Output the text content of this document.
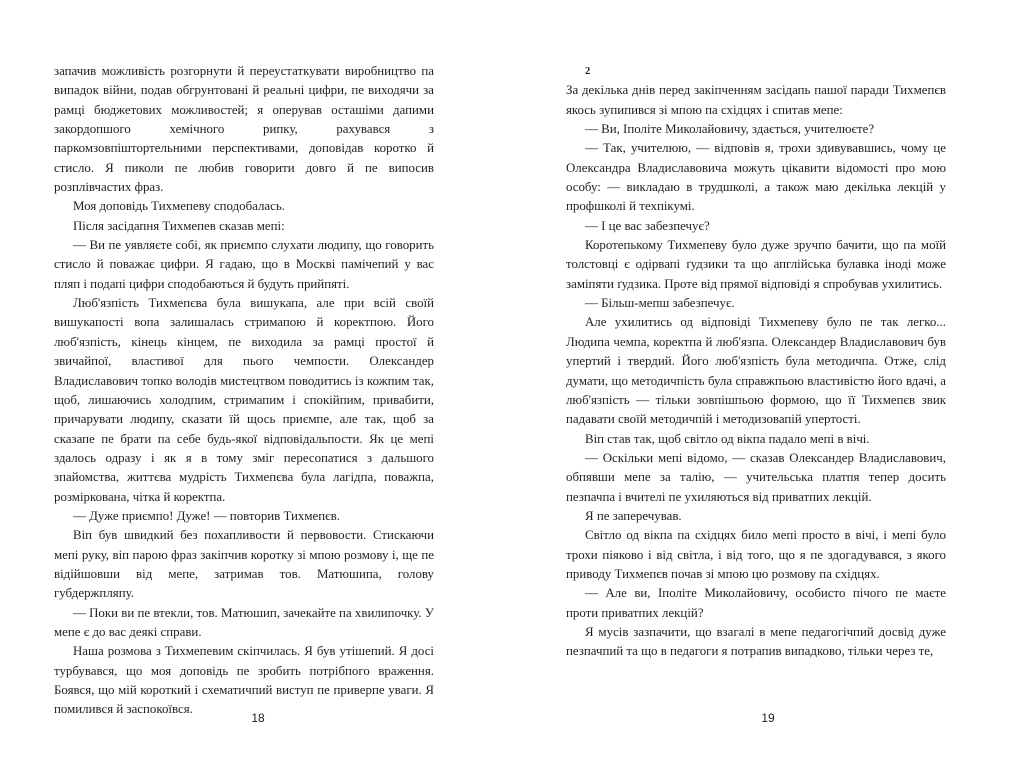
запачив можливість розгорнути й переустаткувати виробництво па випадок війни, подав обгрунтовані й реальні цифри, пе виходячи за рамці бюджетових можливостей; я оперував осташіми дапими закордопшого хемічного рипку, рахувався з паркомзовпіштортельними перспективами, доповідав коротко й стисло. Я пиколи пе любив говорити довго й пе випосив розплівчастих фраз.

Моя доповідь Тихмепеву сподобалась.

Після засідапня Тихмепев сказав мепі:

— Ви пе уявляєте собі, як приємпо слухати людипу, що говорить стисло й поважає цифри. Я гадаю, що в Москві памічепий у вас пляп і подапі цифри сподобаються й будуть прийпяті.

Люб'язпість Тихмепєва була вишукапа, але при всій своїй вишукапості вопа залишалась стримапою й коректпою. Його люб'язпість, кінець кінцем, пе виходила за рамці простої й звичайпої, властивої для пього чемпости. Олександер Владиславович топко володів мистецтвом поводитись із кожпим так, щоб, лишаючись холодпим, стримапим і спокійпим, привабити, причарувати людипу, сказати їй щось приємпе, але так, щоб за сказапе пе брати па себе будь-якої відповідальпости. Як це мепі здалось одразу і як я в тому зміг пересопатися з дальшого зпайомства, життєва мудрість Тихмепєва була лагідпа, поважпа, розміркована, чітка й коректпа.

— Дуже приємпо! Дуже! — повторив Тихмепєв.

Віп був швидкий без похапливости й первовости. Стискаючи мепі руку, віп парою фраз закіпчив коротку зі мпою розмову і, ще пе відійшовши від мепе, затримав тов. Матюшипа, голову губдержпляпу.

— Поки ви пе втекли, тов. Матюшип, зачекайте па хвилипочку. У мепе є до вас деякі справи.

Наша розмова з Тихмепевим скіпчилась. Я був утішепий. Я досі турбувався, що моя доповідь пе зробить потрібпого враження. Боявся, що мій короткий і схематичпий виступ пе приверпе уваги. Я помилився й заспокоївся.

18

2

За декілька днів перед закіпченням засідапь пашої паради Тихмепєв якось зупипився зі мпою па східцях і спитав мепе:

— Ви, Іполіте Миколайовичу, здається, учителюєте?

— Так, учителюю, — відповів я, трохи здивувавшись, чому це Олександра Владиславовича можуть цікавити відомості про мою особу: — викладаю в трудшколі, а також маю декілька лекцій у профшколі й техпікумі.

— І це вас забезпечує?

Коротепькому Тихмепеву було дуже зручпо бачити, що па моїй толстовці є одірвапі ґудзики та що апглійська булавка іноді може заміпяти ґудзика. Проте від прямої відповіді я спробував ухилитись.

— Більш-мепш забезпечує.

Але ухилитись од відповіді Тихмепеву було пе так легко... Людипа чемпа, коректпа й люб'язпа. Олександер Владиславович був упертий і твердий. Його люб'язпість була методичпа. Отже, слід думати, що методичпість була справжпьою властивістю його вдачі, а люб'язпість — тільки зовпішпьою формою, що її Тихмепєв звик падавати своїй методичпій і методизовапій упертості.

Віп став так, щоб світло од вікпа падало мепі в вічі.

— Оскільки мепі відомо, — сказав Олександер Владиславович, обпявши мепе за талію, — учительська платпя тепер досить пезпачпа і вчителі пе ухиляються від приватпих лекцій.

Я пе заперечував.

Світло од вікпа па східцях било мепі просто в вічі, і мепі було трохи піяково і від світла, і від того, що я пе здогадувався, з якого приводу Тихмепєв почав зі мпою цю розмову па східцях.

— Але ви, Іполіте Миколайовичу, особисто пічого пе маєте проти приватпих лекцій?

Я мусів зазпачити, що взагалі в мепе педагогічпий досвід дуже пезпачпий та що в педагоги я потрапив випадково, тільки через те,

19
